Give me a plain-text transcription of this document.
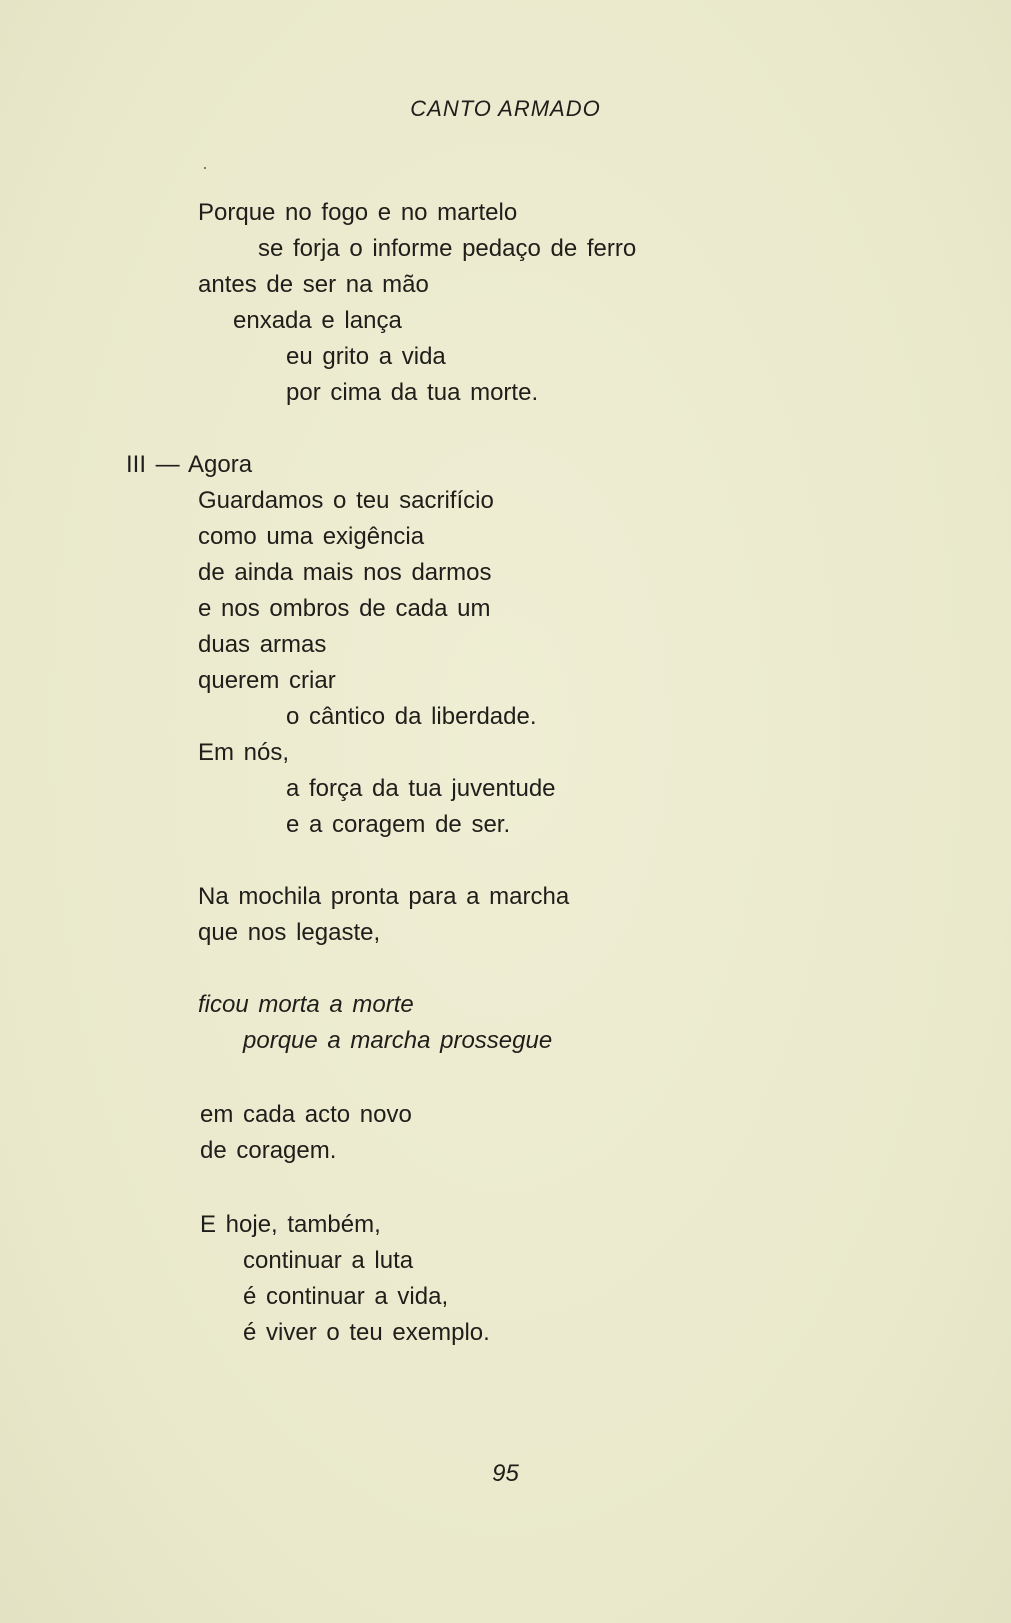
CANTO ARMADO
Porque no fogo e no martelo
se forja o informe pedaço de ferro
antes de ser na mão
enxada e lança
eu grito a vida
por cima da tua morte.
III — Agora
Guardamos o teu sacrifício
como uma exigência
de ainda mais nos darmos
e nos ombros de cada um
duas armas
querem criar
o cântico da liberdade.
Em nós,
a força da tua juventude
e a coragem de ser.
Na mochila pronta para a marcha
que nos legaste,
ficou morta a morte
porque a marcha prossegue
em cada acto novo
de coragem.
E hoje, também,
continuar a luta
é continuar a vida,
é viver o teu exemplo.
95
